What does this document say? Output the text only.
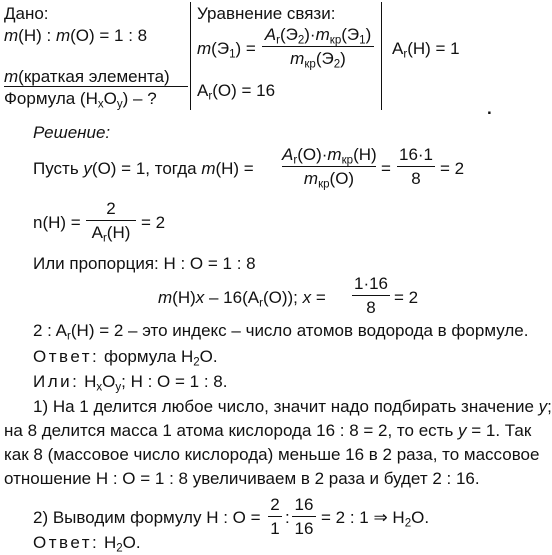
Дано:
m(H) : m(O) = 1 : 8
m(краткая элемента)
Формула $(H_xO_y)$ – ?
Уравнение связи:
$m(Э_1)$ =
$A_r(Э_2)\cdot m_{кр}(Э_1)$
$m_{кр}(Э_2)$
$A_r(O) = 16$
$A_r(H) = 1$
.
Решение:
Пусть y(O) = 1, тогда m(H) =
$A_r(O)\cdot m_{кр}(H)$
$m_{кр}(O)$
=
16·1
8
= 2
n(H) =
2
$A_r(H)$
= 2
Или пропорция: H : O = 1 : 8
$m(H)x - 16(A_r(O))$; x =
1·16
8
= 2
2 : $A_r(H) = 2$ – это индекс – число атомов водорода в формуле.
Ответ: формула $H_2O$.
Или: $H_xO_y$; H : O = 1 : 8.
1) На 1 делится любое число, значит надо подбирать значение y;
на 8 делится масса 1 атома кислорода 16 : 8 = 2, то есть y = 1. Так
как 8 (массовое число кислорода) меньше 16 в 2 раза, то массовое
отношение H : O = 1 : 8 увеличиваем в 2 раза и будет 2 : 16.
2) Выводим формулу H : O =
2
1
:
16
16
= 2 : 1 ⇒ $H_2O$.
Ответ: $H_2O$.
